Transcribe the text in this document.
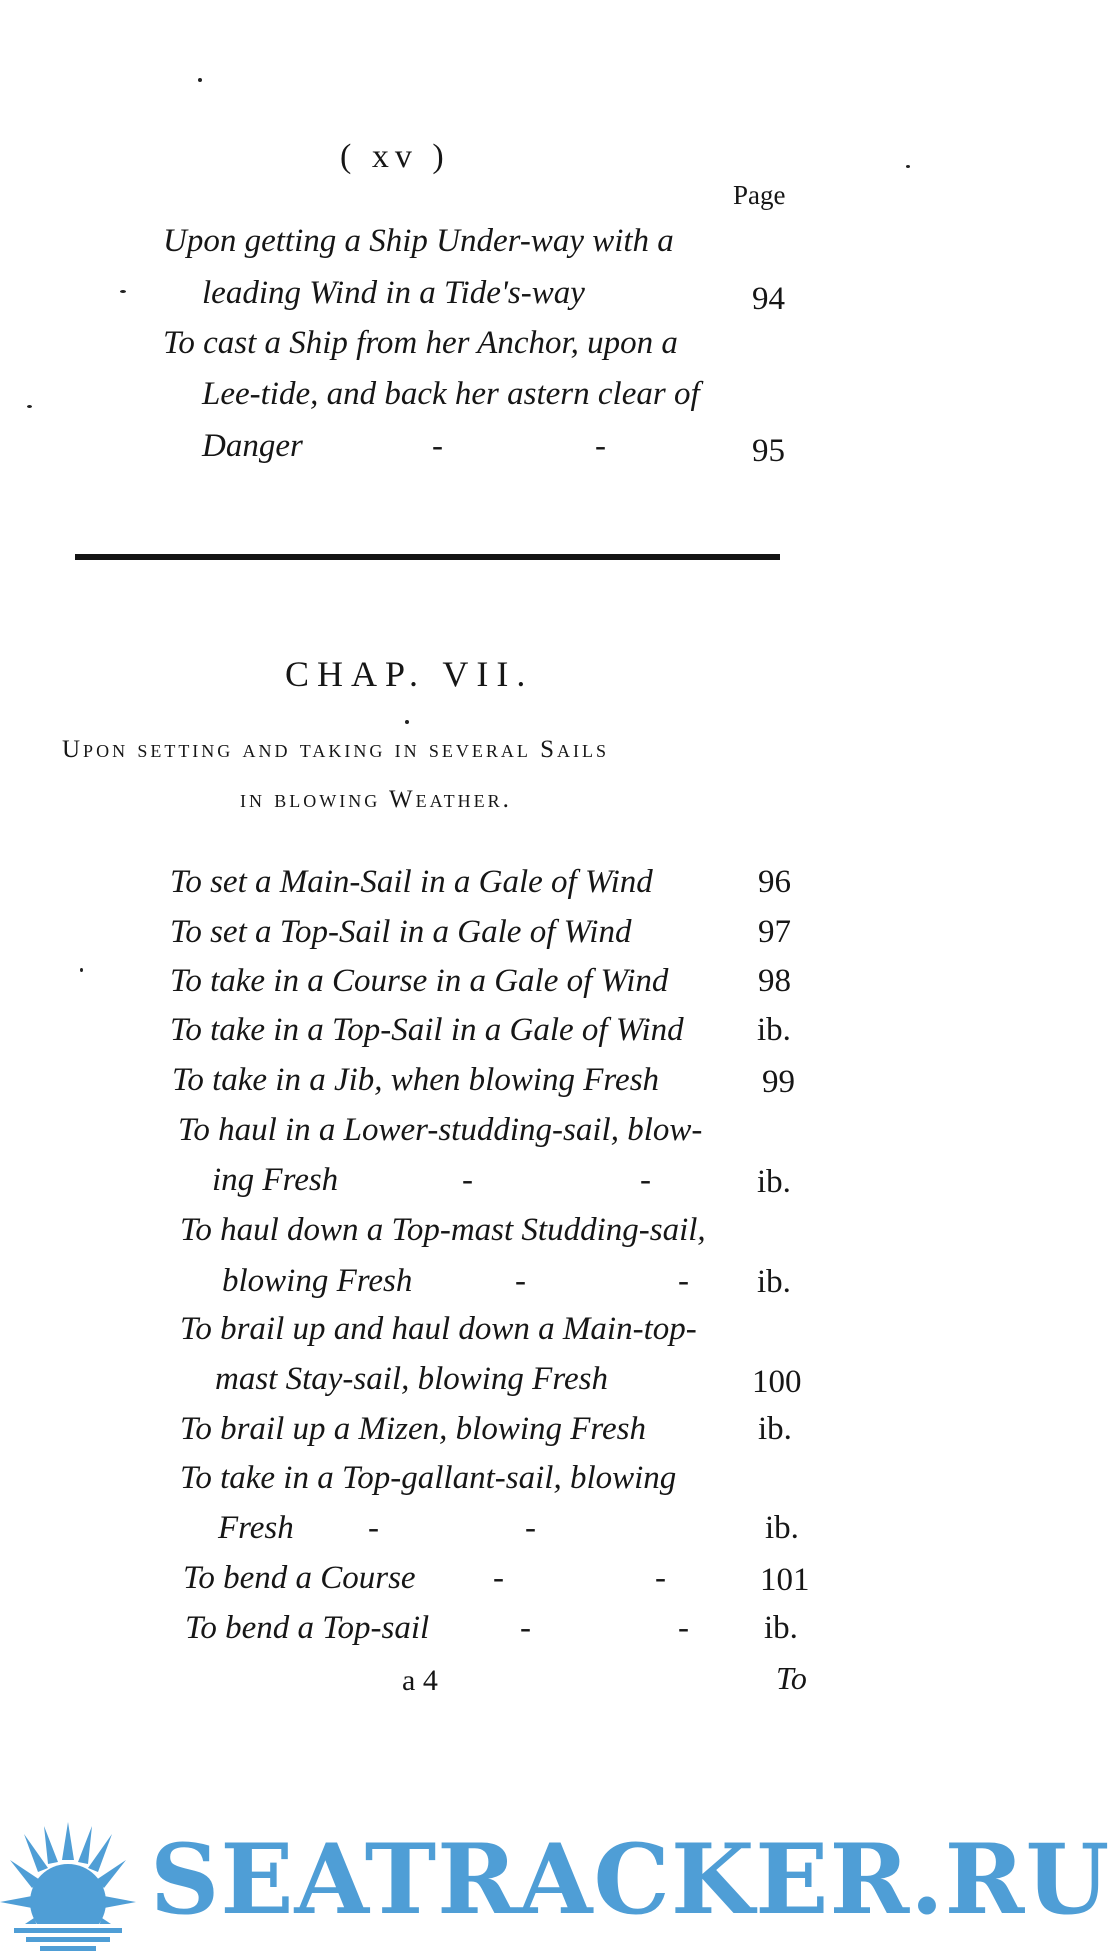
( xv )
Page
Upon getting a Ship Under-way with a
leading Wind in a Tide's-way	94
To cast a Ship from her Anchor, upon a
Lee-tide, and back her astern clear of
Danger	-	-	95
CHAP. VII.
Upon setting and taking in several Sails
in blowing Weather.
To set a Main-Sail in a Gale of Wind	96
To set a Top-Sail in a Gale of Wind	97
To take in a Course in a Gale of Wind	98
To take in a Top-Sail in a Gale of Wind ib.
To take in a Jib, when blowing Fresh	99
To haul in a Lower-studding-sail, blow-
ing Fresh	-	-	ib.
To haul down a Top-mast Studding-sail,
blowing Fresh	-	- ib.
To brail up and haul down a Main-top-
mast Stay-sail, blowing Fresh	100
To brail up a Mizen, blowing Fresh	ib.
To take in a Top-gallant-sail, blowing
Fresh -	-	ib.
To bend a Course -	-	101
To bend a Top-sail	-	- ib.
a 4	To
SEATRACKER.RU
